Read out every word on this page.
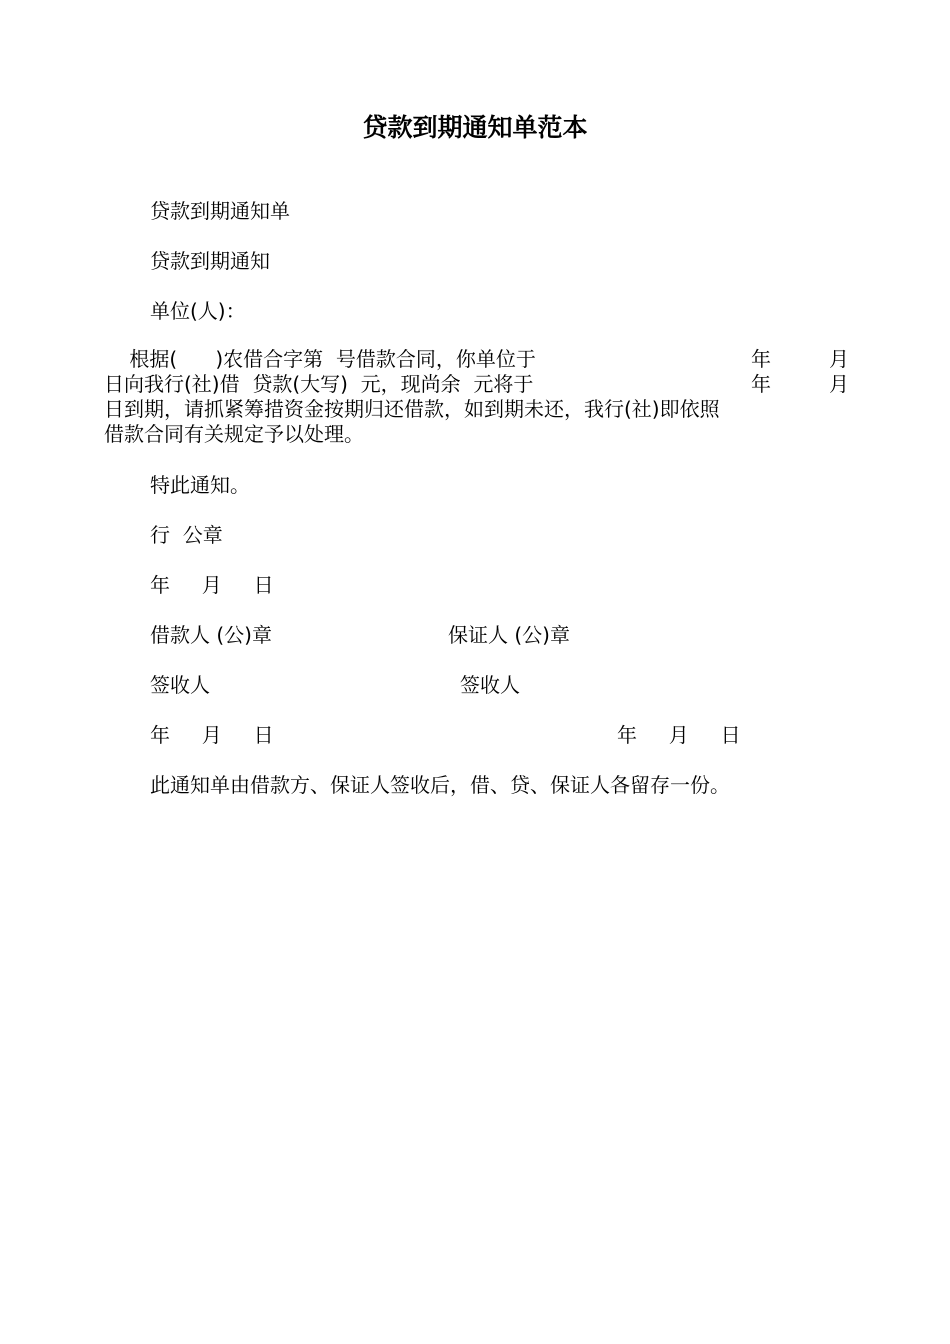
贷款到期通知单范本
贷款到期通知单
贷款到期通知
单位(人)：
根据(      )农借合字第  号借款合同，你单位于	年	月
日向我行(社)借  贷款(大写)  元，现尚余  元将于	年	月
日到期，请抓紧筹措资金按期归还借款，如到期未还，我行(社)即依照
借款合同有关规定予以处理。
特此通知。
行  公章
年     月     日
借款人 (公)章	保证人 (公)章
签收人	签收人
年     月     日	年     月     日
此通知单由借款方、保证人签收后，借、贷、保证人各留存一份。
